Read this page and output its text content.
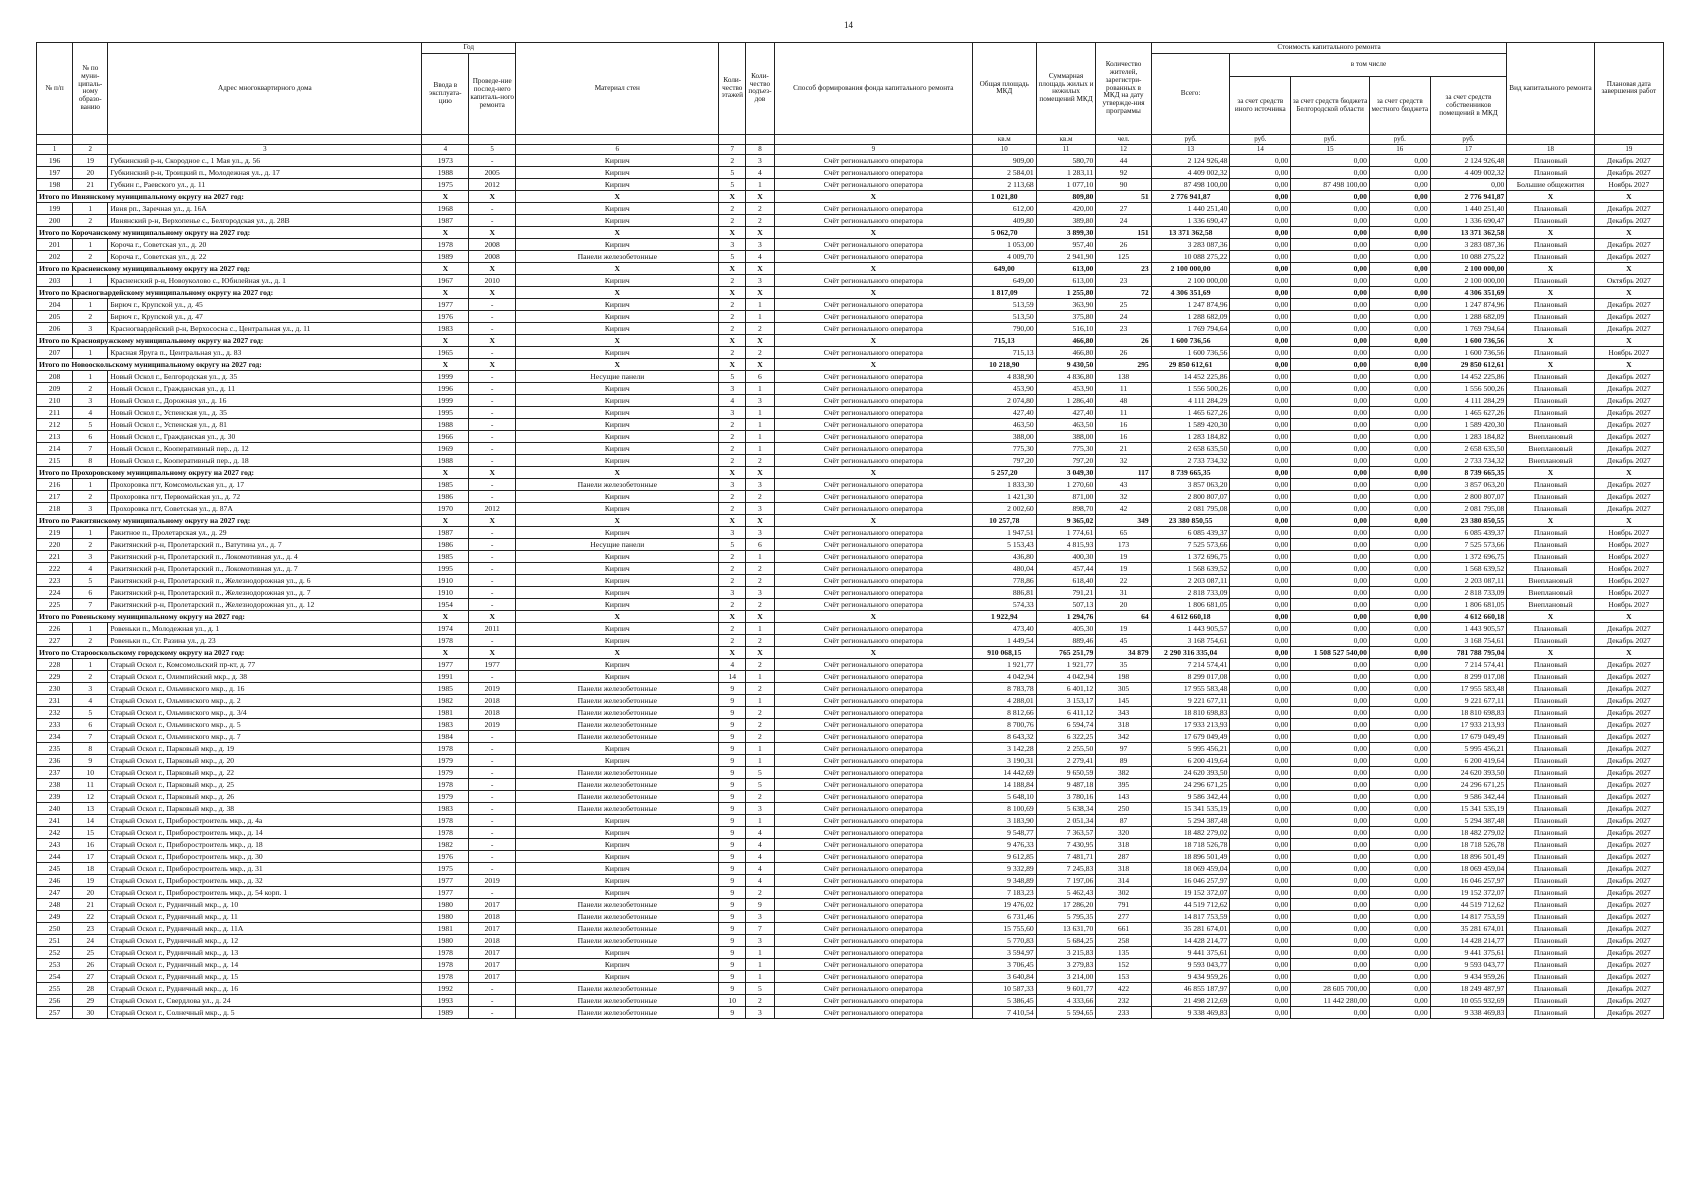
14
№ п/п	№ по муни-ципаль-ному образо-ванию	Адрес многоквартирного дома	Год		Материал стен	Коли-чество этажей	Коли-чество подъез-дов	Способ формирования фонда капитального ремонта	Общая площадь МКД	Суммарная площадь жилых и нежилых помещений МКД	Количество жителей, зарегистри-рованных в МКД на дату утвержде-ния программы	Стоимость капитального ремонта					Вид капитального ремонта	Плановая дата завершения работ
			Ввода в эксплуата-цию	Проведе-ние послед-него капиталь-ного ремонта								Всего:	в том числе					
													за счет средств иного источника	за счет средств бюджета Белгородской области	за счет средств местного бюджета	за счет средств собственников помещений в МКД		
									кв.м	кв.м	чел.	руб.	руб.	руб.	руб.	руб.		
1	2	3	4	5	6	7	8	9	10	11	12	13	14	15	16	17	18	19
196	19	Губкинский р-н, Скороднoe с., 1 Мая ул., д. 56	1973	-	Кирпич	2	3	Счёт регионального оператора	909,00	580,70	44	2 124 926,48	0,00	0,00	0,00	2 124 926,48	Плановый	Декабрь 2027
197	20	Губкинский р-н, Троицкий п., Молодежная ул., д. 17	1988	2005	Кирпич	5	4	Счёт регионального оператора	2 584,01	1 283,11	92	4 409 002,32	0,00	0,00	0,00	4 409 002,32	Плановый	Декабрь 2027
198	21	Губкин г., Раевского ул., д. 11	1975	2012	Кирпич	5	1	Счёт регионального оператора	2 113,68	1 077,10	90	87 498 100,00	0,00	87 498 100,00	0,00	0,00	Большие общежития	Ноябрь 2027
Итого по Ивнянскому муниципальному округу на 2027 год:			X	X	X	X	X	X	1 021,80	809,80	51	2 776 941,87	0,00	0,00	0,00	2 776 941,87	X	X
199	1	Ивня рп., Заречная ул., д. 16А	1968	-	Кирпич	2	2	Счёт регионального оператора	612,00	420,00	27	1 440 251,40	0,00	0,00	0,00	1 440 251,40	Плановый	Декабрь 2027
200	2	Ивнянский р-н, Верхопенье с., Белгородская ул., д. 28В	1987	-	Кирпич	2	2	Счёт регионального оператора	409,80	389,80	24	1 336 690,47	0,00	0,00	0,00	1 336 690,47	Плановый	Декабрь 2027
Итого по Корочанскому муниципальному округу на 2027 год:			X	X	X	X	X	X	5 062,70	3 899,30	151	13 371 362,58	0,00	0,00	0,00	13 371 362,58	X	X
201	1	Короча г., Советская ул., д. 20	1978	2008	Кирпич	3	3	Счёт регионального оператора	1 053,00	957,40	26	3 283 087,36	0,00	0,00	0,00	3 283 087,36	Плановый	Декабрь 2027
202	2	Короча г., Советская ул., д. 22	1989	2008	Панели железобетонные	5	4	Счёт регионального оператора	4 009,70	2 941,90	125	10 088 275,22	0,00	0,00	0,00	10 088 275,22	Плановый	Декабрь 2027
Итого по Красненскому муниципальному округу на 2027 год:			X	X	X	X	X	X	649,00	613,00	23	2 100 000,00	0,00	0,00	0,00	2 100 000,00	X	X
203	1	Красненский р-н, Новоуколово с., Юбилейная ул., д. 1	1967	2010	Кирпич	2	3	Счёт регионального оператора	649,00	613,00	23	2 100 000,00	0,00	0,00	0,00	2 100 000,00	Плановый	Октябрь 2027
Итого по Красногвардейскому муниципальному округу на 2027 год:			X	X	X	X	X	X	1 817,09	1 255,80	72	4 306 351,69	0,00	0,00	0,00	4 306 351,69	X	X
204	1	Бирюч г., Крупской ул., д. 45	1977	-	Кирпич	2	1	Счёт регионального оператора	513,59	363,90	25	1 247 874,96	0,00	0,00	0,00	1 247 874,96	Плановый	Декабрь 2027
205	2	Бирюч г., Крупской ул., д. 47	1976	-	Кирпич	2	1	Счёт регионального оператора	513,50	375,80	24	1 288 682,09	0,00	0,00	0,00	1 288 682,09	Плановый	Декабрь 2027
206	3	Красногвардейский р-н, Верхососна с., Центральная ул., д. 11	1983	-	Кирпич	2	2	Счёт регионального оператора	790,00	516,10	23	1 769 794,64	0,00	0,00	0,00	1 769 794,64	Плановый	Декабрь 2027
Итого по Краснояружскому муниципальному округу на 2027 год:			X	X	X	X	X	X	715,13	466,80	26	1 600 736,56	0,00	0,00	0,00	1 600 736,56	X	X
207	1	Красная Яруга п., Центральная ул., д. 83	1965	-	Кирпич	2	2	Счёт регионального оператора	715,13	466,80	26	1 600 736,56	0,00	0,00	0,00	1 600 736,56	Плановый	Ноябрь 2027
Итого по Новооскольскому муниципальному округу на 2027 год:			X	X	X	X	X	X	10 218,90	9 430,50	295	29 850 612,61	0,00	0,00	0,00	29 850 612,61	X	X
208	1	Новый Оскол г., Белгородская ул., д. 35	1999	-	Несущие панели	5	6	Счёт регионального оператора	4 838,90	4 836,80	138	14 452 225,86	0,00	0,00	0,00	14 452 225,86	Плановый	Декабрь 2027
209	2	Новый Оскол г., Гражданская ул., д. 11	1996	-	Кирпич	3	1	Счёт регионального оператора	453,90	453,90	11	1 556 500,26	0,00	0,00	0,00	1 556 500,26	Плановый	Декабрь 2027
210	3	Новый Оскол г., Дорожная ул., д. 16	1999	-	Кирпич	4	3	Счёт регионального оператора	2 074,80	1 286,40	48	4 111 284,29	0,00	0,00	0,00	4 111 284,29	Плановый	Декабрь 2027
211	4	Новый Оскол г., Успенская ул., д. 35	1995	-	Кирпич	3	1	Счёт регионального оператора	427,40	427,40	11	1 465 627,26	0,00	0,00	0,00	1 465 627,26	Плановый	Декабрь 2027
212	5	Новый Оскол г., Успенская ул., д. 81	1988	-	Кирпич	2	1	Счёт регионального оператора	463,50	463,50	16	1 589 420,30	0,00	0,00	0,00	1 589 420,30	Плановый	Декабрь 2027
213	6	Новый Оскол г., Гражданская ул., д. 30	1966	-	Кирпич	2	1	Счёт регионального оператора	388,00	388,00	16	1 283 184,82	0,00	0,00	0,00	1 283 184,82	Внеплановый	Декабрь 2027
214	7	Новый Оскол г., Кооперативный пер., д. 12	1969	-	Кирпич	2	1	Счёт регионального оператора	775,30	775,30	21	2 658 635,50	0,00	0,00	0,00	2 658 635,50	Внеплановый	Декабрь 2027
215	8	Новый Оскол г., Кооперативный пер., д. 18	1988	-	Кирпич	2	2	Счёт регионального оператора	797,20	797,20	32	2 733 734,32	0,00	0,00	0,00	2 733 734,32	Внеплановый	Декабрь 2027
Итого по Прохоровскому муниципальному округу на 2027 год:			X	X	X	X	X	X	5 257,20	3 049,30	117	8 739 665,35	0,00	0,00	0,00	8 739 665,35	X	X
216	1	Прохоровка пгт, Комсомольская ул., д. 17	1985	-	Панели железобетонные	3	3	Счёт регионального оператора	1 833,30	1 270,60	43	3 857 063,20	0,00	0,00	0,00	3 857 063,20	Плановый	Декабрь 2027
217	2	Прохоровка пгт, Первомайская ул., д. 72	1986	-	Кирпич	2	2	Счёт регионального оператора	1 421,30	871,00	32	2 800 807,07	0,00	0,00	0,00	2 800 807,07	Плановый	Декабрь 2027
218	3	Прохоровка пгт, Советская ул., д. 87А	1970	2012	Кирпич	2	3	Счёт регионального оператора	2 002,60	898,70	42	2 081 795,08	0,00	0,00	0,00	2 081 795,08	Плановый	Декабрь 2027
Итого по Ракитянскому муниципальному округу на 2027 год:			X	X	X	X	X	X	10 257,78	9 365,02	349	23 380 850,55	0,00	0,00	0,00	23 380 850,55	X	X
219	1	Ракитное п., Пролетарская ул., д. 29	1987	-	Кирпич	3	3	Счёт регионального оператора	1 947,51	1 774,61	65	6 085 439,37	0,00	0,00	0,00	6 085 439,37	Плановый	Ноябрь 2027
220	2	Ракитянский р-н, Пролетарский п., Ватутина ул., д. 7	1986	-	Несущие панели	5	6	Счёт регионального оператора	5 153,43	4 815,93	173	7 525 573,66	0,00	0,00	0,00	7 525 573,66	Плановый	Ноябрь 2027
221	3	Ракитянский р-н, Пролетарский п., Локомотивная ул., д. 4	1985	-	Кирпич	2	1	Счёт регионального оператора	436,80	400,30	19	1 372 696,75	0,00	0,00	0,00	1 372 696,75	Плановый	Ноябрь 2027
222	4	Ракитянский р-н, Пролетарский п., Локомотивная ул., д. 7	1995	-	Кирпич	2	2	Счёт регионального оператора	480,04	457,44	19	1 568 639,52	0,00	0,00	0,00	1 568 639,52	Плановый	Ноябрь 2027
223	5	Ракитянский р-н, Пролетарский п., Железнодорожная ул., д. 6	1910	-	Кирпич	2	2	Счёт регионального оператора	778,86	618,40	22	2 203 087,11	0,00	0,00	0,00	2 203 087,11	Внеплановый	Ноябрь 2027
224	6	Ракитянский р-н, Пролетарский п., Железнодорожная ул., д. 7	1910	-	Кирпич	3	3	Счёт регионального оператора	886,81	791,21	31	2 818 733,09	0,00	0,00	0,00	2 818 733,09	Внеплановый	Ноябрь 2027
225	7	Ракитянский р-н, Пролетарский п., Железнодорожная ул., д. 12	1954	-	Кирпич	2	2	Счёт регионального оператора	574,33	507,13	20	1 806 681,05	0,00	0,00	0,00	1 806 681,05	Внеплановый	Ноябрь 2027
Итого по Ровеньскому муниципальному округу на 2027 год:			X	X	X	X	X	X	1 922,94	1 294,76	64	4 612 660,18	0,00	0,00	0,00	4 612 660,18	X	X
226	1	Ровеньки п., Молодежная ул., д. 1	1974	2011	Кирпич	2	1	Счёт регионального оператора	473,40	405,30	19	1 443 905,57	0,00	0,00	0,00	1 443 905,57	Плановый	Декабрь 2027
227	2	Ровеньки п., Ст. Разина ул., д. 23	1978	-	Кирпич	2	2	Счёт регионального оператора	1 449,54	889,46	45	3 168 754,61	0,00	0,00	0,00	3 168 754,61	Плановый	Декабрь 2027
Итого по Старооскольскому городскому округу на 2027 год:			X	X	X	X	X	X	910 068,15	765 251,79	34 879	2 290 316 335,04	0,00	1 508 527 540,00	0,00	781 788 795,04	X	X
228	1	Старый Оскол г., Комсомольский пр-кт, д. 77	1977	1977	Кирпич	4	2	Счёт регионального оператора	1 921,77	1 921,77	35	7 214 574,41	0,00	0,00	0,00	7 214 574,41	Плановый	Декабрь 2027
229	2	Старый Оскол г., Олимпийский мкр., д. 38	1991	-	Кирпич	14	1	Счёт регионального оператора	4 042,94	4 042,94	198	8 299 017,08	0,00	0,00	0,00	8 299 017,08	Плановый	Декабрь 2027
230	3	Старый Оскол г., Ольминского мкр., д. 16	1985	2019	Панели железобетонные	9	2	Счёт регионального оператора	8 783,78	6 401,12	305	17 955 583,48	0,00	0,00	0,00	17 955 583,48	Плановый	Декабрь 2027
231	4	Старый Оскол г., Ольминского мкр., д. 2	1982	2018	Панели железобетонные	9	1	Счёт регионального оператора	4 288,01	3 153,17	145	9 221 677,11	0,00	0,00	0,00	9 221 677,11	Плановый	Декабрь 2027
232	5	Старый Оскол г., Ольминского мкр., д. 3/4	1981	2018	Панели железобетонные	9	2	Счёт регионального оператора	8 812,66	6 411,12	343	18 810 698,83	0,00	0,00	0,00	18 810 698,83	Плановый	Декабрь 2027
233	6	Старый Оскол г., Ольминского мкр., д. 5	1983	2019	Панели железобетонные	9	2	Счёт регионального оператора	8 700,76	6 594,74	318	17 933 213,93	0,00	0,00	0,00	17 933 213,93	Плановый	Декабрь 2027
234	7	Старый Оскол г., Ольминского мкр., д. 7	1984	-	Панели железобетонные	9	2	Счёт регионального оператора	8 643,32	6 322,25	342	17 679 049,49	0,00	0,00	0,00	17 679 049,49	Плановый	Декабрь 2027
235	8	Старый Оскол г., Парковый мкр., д. 19	1978	-	Кирпич	9	1	Счёт регионального оператора	3 142,28	2 255,50	97	5 995 456,21	0,00	0,00	0,00	5 995 456,21	Плановый	Декабрь 2027
236	9	Старый Оскол г., Парковый мкр., д. 20	1979	-	Кирпич	9	1	Счёт регионального оператора	3 190,31	2 279,41	89	6 200 419,64	0,00	0,00	0,00	6 200 419,64	Плановый	Декабрь 2027
237	10	Старый Оскол г., Парковый мкр., д. 22	1979	-	Панели железобетонные	9	5	Счёт регионального оператора	14 442,69	9 650,59	382	24 620 393,50	0,00	0,00	0,00	24 620 393,50	Плановый	Декабрь 2027
238	11	Старый Оскол г., Парковый мкр., д. 25	1978	-	Панели железобетонные	9	5	Счёт регионального оператора	14 188,84	9 487,18	395	24 296 671,25	0,00	0,00	0,00	24 296 671,25	Плановый	Декабрь 2027
239	12	Старый Оскол г., Парковый мкр., д. 26	1979	-	Панели железобетонные	9	2	Счёт регионального оператора	5 648,10	3 780,16	143	9 586 342,44	0,00	0,00	0,00	9 586 342,44	Плановый	Декабрь 2027
240	13	Старый Оскол г., Парковый мкр., д. 38	1983	-	Панели железобетонные	9	3	Счёт регионального оператора	8 100,69	5 638,34	250	15 341 535,19	0,00	0,00	0,00	15 341 535,19	Плановый	Декабрь 2027
241	14	Старый Оскол г., Приборостроитель мкр., д. 4а	1978	-	Кирпич	9	1	Счёт регионального оператора	3 183,90	2 051,34	87	5 294 387,48	0,00	0,00	0,00	5 294 387,48	Плановый	Декабрь 2027
242	15	Старый Оскол г., Приборостроитель мкр., д. 14	1978	-	Кирпич	9	4	Счёт регионального оператора	9 548,77	7 363,57	320	18 482 279,02	0,00	0,00	0,00	18 482 279,02	Плановый	Декабрь 2027
243	16	Старый Оскол г., Приборостроитель мкр., д. 18	1982	-	Кирпич	9	4	Счёт регионального оператора	9 476,33	7 430,95	318	18 718 526,78	0,00	0,00	0,00	18 718 526,78	Плановый	Декабрь 2027
244	17	Старый Оскол г., Приборостроитель мкр., д. 30	1976	-	Кирпич	9	4	Счёт регионального оператора	9 612,85	7 481,71	287	18 896 501,49	0,00	0,00	0,00	18 896 501,49	Плановый	Декабрь 2027
245	18	Старый Оскол г., Приборостроитель мкр., д. 31	1975	-	Кирпич	9	4	Счёт регионального оператора	9 332,89	7 245,83	318	18 069 459,04	0,00	0,00	0,00	18 069 459,04	Плановый	Декабрь 2027
246	19	Старый Оскол г., Приборостроитель мкр., д. 32	1977	2019	Кирпич	9	4	Счёт регионального оператора	9 348,89	7 197,06	314	16 046 257,97	0,00	0,00	0,00	16 046 257,97	Плановый	Декабрь 2027
247	20	Старый Оскол г., Приборостроитель мкр., д. 54 корп. 1	1977	-	Кирпич	9	2	Счёт регионального оператора	7 183,23	5 462,43	302	19 152 372,07	0,00	0,00	0,00	19 152 372,07	Плановый	Декабрь 2027
248	21	Старый Оскол г., Рудничный мкр., д. 10	1980	2017	Панели железобетонные	9	9	Счёт регионального оператора	19 476,02	17 286,20	791	44 519 712,62	0,00	0,00	0,00	44 519 712,62	Плановый	Декабрь 2027
249	22	Старый Оскол г., Рудничный мкр., д. 11	1980	2018	Панели железобетонные	9	3	Счёт регионального оператора	6 731,46	5 795,35	277	14 817 753,59	0,00	0,00	0,00	14 817 753,59	Плановый	Декабрь 2027
250	23	Старый Оскол г., Рудничный мкр., д. 11А	1981	2017	Панели железобетонные	9	7	Счёт регионального оператора	15 755,60	13 631,70	661	35 281 674,01	0,00	0,00	0,00	35 281 674,01	Плановый	Декабрь 2027
251	24	Старый Оскол г., Рудничный мкр., д. 12	1980	2018	Панели железобетонные	9	3	Счёт регионального оператора	5 770,83	5 684,25	258	14 428 214,77	0,00	0,00	0,00	14 428 214,77	Плановый	Декабрь 2027
252	25	Старый Оскол г., Рудничный мкр., д. 13	1978	2017	Кирпич	9	1	Счёт регионального оператора	3 594,97	3 215,83	135	9 441 375,61	0,00	0,00	0,00	9 441 375,61	Плановый	Декабрь 2027
253	26	Старый Оскол г., Рудничный мкр., д. 14	1978	2017	Кирпич	9	1	Счёт регионального оператора	3 706,45	3 279,83	152	9 593 043,77	0,00	0,00	0,00	9 593 043,77	Плановый	Декабрь 2027
254	27	Старый Оскол г., Рудничный мкр., д. 15	1978	2017	Кирпич	9	1	Счёт регионального оператора	3 640,84	3 214,00	153	9 434 959,26	0,00	0,00	0,00	9 434 959,26	Плановый	Декабрь 2027
255	28	Старый Оскол г., Рудничный мкр., д. 16	1992	-	Панели железобетонные	9	5	Счёт регионального оператора	10 587,33	9 601,77	422	46 855 187,97	0,00	28 605 700,00	0,00	18 249 487,97	Плановый	Декабрь 2027
256	29	Старый Оскол г., Свердлова ул., д. 24	1993	-	Панели железобетонные	10	2	Счёт регионального оператора	5 386,45	4 333,66	232	21 498 212,69	0,00	11 442 280,00	0,00	10 055 932,69	Плановый	Декабрь 2027
257	30	Старый Оскол г., Солнечный мкр., д. 5	1989	-	Панели железобетонные	9	3	Счёт регионального оператора	7 410,54	5 594,65	233	9 338 469,83	0,00	0,00	0,00	9 338 469,83	Плановый	Декабрь 2027
